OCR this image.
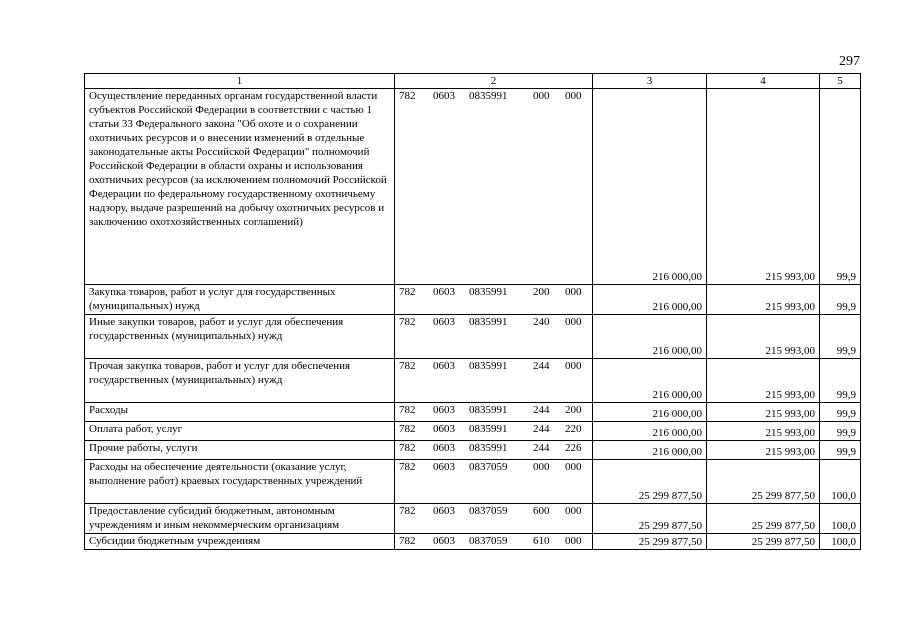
297
1	2	3	4	5
Осуществление переданных органам государственной власти субъектов Российской Федерации в соответствии с частью 1 статьи 33 Федерального закона "Об охоте и о сохранении охотничьих ресурсов и о внесении изменений в отдельные законодательные акты Российской Федерации" полномочий Российской Федерации в области охраны и использования охотничьих ресурсов (за исключением полномочий Российской Федерации по федеральному государственному охотничьему надзору, выдаче разрешений на добычу охотничьих ресурсов и заключению охотхозяйственных соглашений)	782 0603 0835991 000 000	216 000,00	215 993,00	99,9
Закупка товаров, работ и услуг для государственных (муниципальных) нужд	782 0603 0835991 200 000	216 000,00	215 993,00	99,9
Иные закупки товаров, работ и услуг для обеспечения государственных (муниципальных) нужд	782 0603 0835991 240 000	216 000,00	215 993,00	99,9
Прочая закупка товаров, работ и услуг для обеспечения государственных (муниципальных) нужд	782 0603 0835991 244 000	216 000,00	215 993,00	99,9
Расходы	782 0603 0835991 244 200	216 000,00	215 993,00	99,9
Оплата работ, услуг	782 0603 0835991 244 220	216 000,00	215 993,00	99,9
Прочие работы, услуги	782 0603 0835991 244 226	216 000,00	215 993,00	99,9
Расходы на обеспечение деятельности (оказание услуг, выполнение работ) краевых государственных учреждений	782 0603 0837059 000 000	25 299 877,50	25 299 877,50	100,0
Предоставление субсидий бюджетным, автономным учреждениям и иным некоммерческим организациям	782 0603 0837059 600 000	25 299 877,50	25 299 877,50	100,0
Субсидии бюджетным учреждениям	782 0603 0837059 610 000	25 299 877,50	25 299 877,50	100,0
